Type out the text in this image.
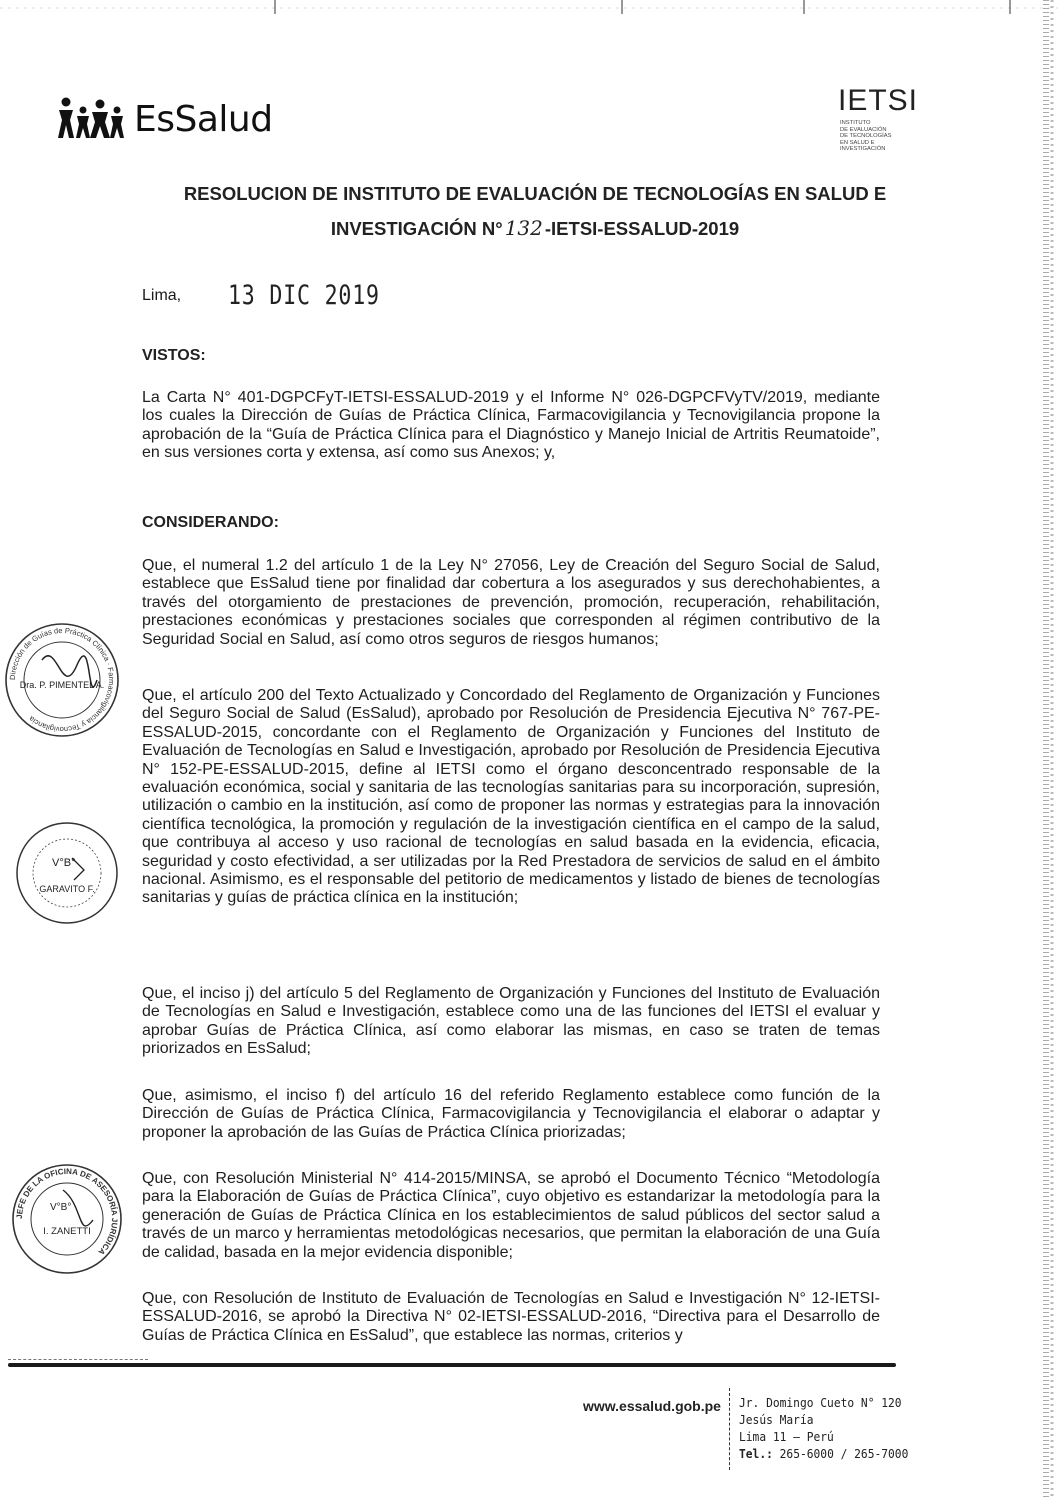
EsSalud	IETSI
INSTITUTO
DE EVALUACIÓN
DE TECNOLOGÍAS
EN SALUD E
INVESTIGACIÓN
RESOLUCION DE INSTITUTO DE EVALUACIÓN DE TECNOLOGÍAS EN SALUD E
INVESTIGACIÓN N° 132 -IETSI-ESSALUD-2019
Lima, 13 DIC 2019
VISTOS:
La Carta N° 401-DGPCFyT-IETSI-ESSALUD-2019 y el Informe N° 026-DGPCFVyTV/2019, mediante los cuales la Dirección de Guías de Práctica Clínica, Farmacovigilancia y Tecnovigilancia propone la aprobación de la “Guía de Práctica Clínica para el Diagnóstico y Manejo Inicial de Artritis Reumatoide”, en sus versiones corta y extensa, así como sus Anexos; y,
CONSIDERANDO:
Que, el numeral 1.2 del artículo 1 de la Ley N° 27056, Ley de Creación del Seguro Social de Salud, establece que EsSalud tiene por finalidad dar cobertura a los asegurados y sus derechohabientes, a través del otorgamiento de prestaciones de prevención, promoción, recuperación, rehabilitación, prestaciones económicas y prestaciones sociales que corresponden al régimen contributivo de la Seguridad Social en Salud, así como otros seguros de riesgos humanos;
Que, el artículo 200 del Texto Actualizado y Concordado del Reglamento de Organización y Funciones del Seguro Social de Salud (EsSalud), aprobado por Resolución de Presidencia Ejecutiva N° 767-PE-ESSALUD-2015, concordante con el Reglamento de Organización y Funciones del Instituto de Evaluación de Tecnologías en Salud e Investigación, aprobado por Resolución de Presidencia Ejecutiva N° 152-PE-ESSALUD-2015, define al IETSI como el órgano desconcentrado responsable de la evaluación económica, social y sanitaria de las tecnologías sanitarias para su incorporación, supresión, utilización o cambio en la institución, así como de proponer las normas y estrategias para la innovación científica tecnológica, la promoción y regulación de la investigación científica en el campo de la salud, que contribuya al acceso y uso racional de tecnologías en salud basada en la evidencia, eficacia, seguridad y costo efectividad, a ser utilizadas por la Red Prestadora de servicios de salud en el ámbito nacional. Asimismo, es el responsable del petitorio de medicamentos y listado de bienes de tecnologías sanitarias y guías de práctica clínica en la institución;
Que, el inciso j) del artículo 5 del Reglamento de Organización y Funciones del Instituto de Evaluación de Tecnologías en Salud e Investigación, establece como una de las funciones del IETSI el evaluar y aprobar Guías de Práctica Clínica, así como elaborar las mismas, en caso se traten de temas priorizados en EsSalud;
Que, asimismo, el inciso f) del artículo 16 del referido Reglamento establece como función de la Dirección de Guías de Práctica Clínica, Farmacovigilancia y Tecnovigilancia el elaborar o adaptar y proponer la aprobación de las Guías de Práctica Clínica priorizadas;
Que, con Resolución Ministerial N° 414-2015/MINSA, se aprobó el Documento Técnico “Metodología para la Elaboración de Guías de Práctica Clínica”, cuyo objetivo es estandarizar la metodología para la generación de Guías de Práctica Clínica en los establecimientos de salud públicos del sector salud a través de un marco y herramientas metodológicas necesarios, que permitan la elaboración de una Guía de calidad, basada en la mejor evidencia disponible;
Que, con Resolución de Instituto de Evaluación de Tecnologías en Salud e Investigación N° 12-IETSI-ESSALUD-2016, se aprobó la Directiva N° 02-IETSI-ESSALUD-2016, “Directiva para el Desarrollo de Guías de Práctica Clínica en EsSalud”, que establece las normas, criterios y
Dirección de Guías de Práctica Clínica · Farmacovigilancia y Tecnovigilancia
Dra. P. PIMENTEL A.
V°B°
GARAVITO F.
JEFE DE LA OFICINA DE ASESORÍA JURÍDICA
V°B°
I. ZANETTI
www.essalud.gob.pe Jr. Domingo Cueto N° 120
Jesús María
Lima 11 – Perú
Tel.: 265-6000 / 265-7000
